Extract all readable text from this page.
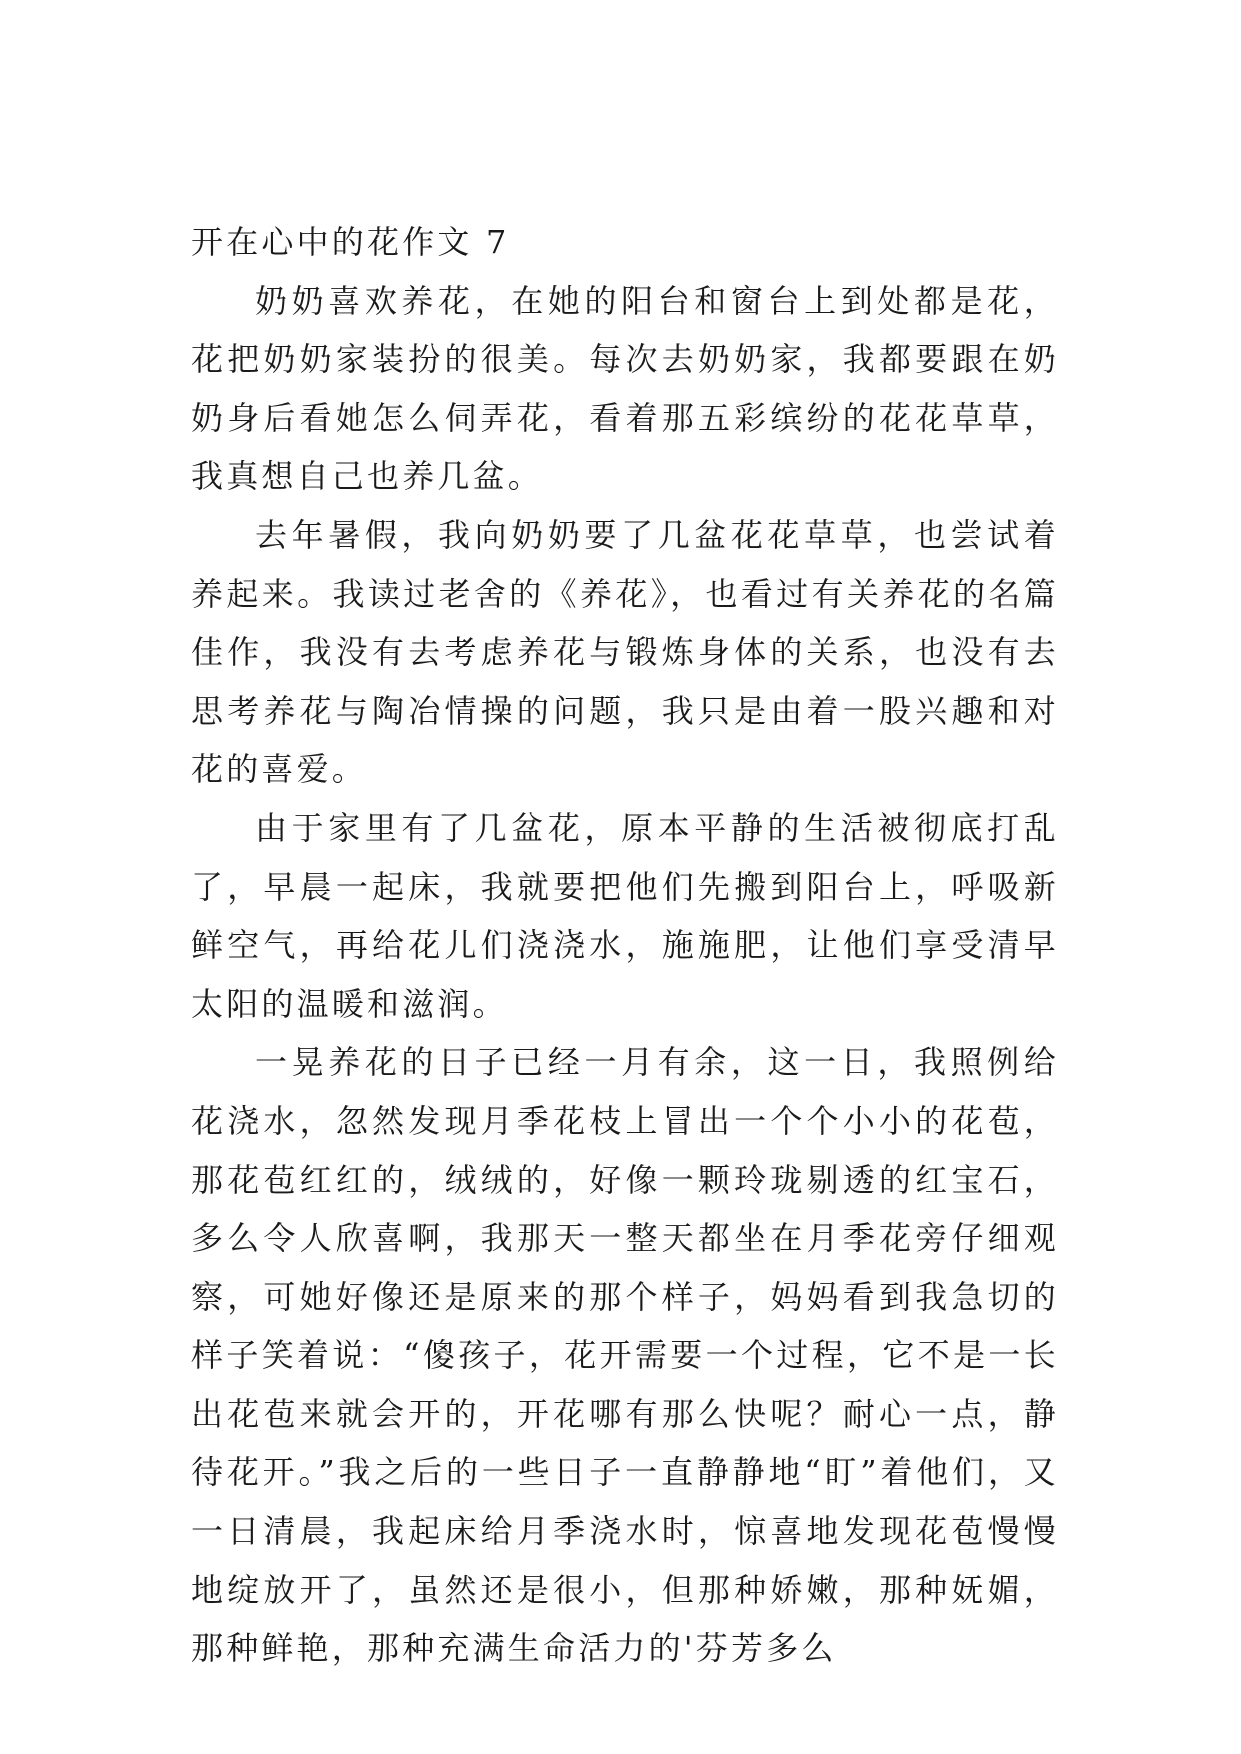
开在心中的花作文 7

奶奶喜欢养花，在她的阳台和窗台上到处都是花，花把奶奶家装扮的很美。每次去奶奶家，我都要跟在奶奶身后看她怎么伺弄花，看着那五彩缤纷的花花草草，我真想自己也养几盆。

去年暑假，我向奶奶要了几盆花花草草，也尝试着养起来。我读过老舍的《养花》，也看过有关养花的名篇佳作，我没有去考虑养花与锻炼身体的关系，也没有去思考养花与陶冶情操的问题，我只是由着一股兴趣和对花的喜爱。

由于家里有了几盆花，原本平静的生活被彻底打乱了，早晨一起床，我就要把他们先搬到阳台上，呼吸新鲜空气，再给花儿们浇浇水，施施肥，让他们享受清早太阳的温暖和滋润。

一晃养花的日子已经一月有余，这一日，我照例给花浇水，忽然发现月季花枝上冒出一个个小小的花苞，那花苞红红的，绒绒的，好像一颗玲珑剔透的红宝石，多么令人欣喜啊，我那天一整天都坐在月季花旁仔细观察，可她好像还是原来的那个样子，妈妈看到我急切的样子笑着说：“傻孩子，花开需要一个过程，它不是一长出花苞来就会开的，开花哪有那么快呢？耐心一点，静待花开。”我之后的一些日子一直静静地“盯”着他们，又一日清晨，我起床给月季浇水时，惊喜地发现花苞慢慢地绽放开了，虽然还是很小，但那种娇嫩，那种妩媚，那种鲜艳，那种充满生命活力的'芬芳多么
